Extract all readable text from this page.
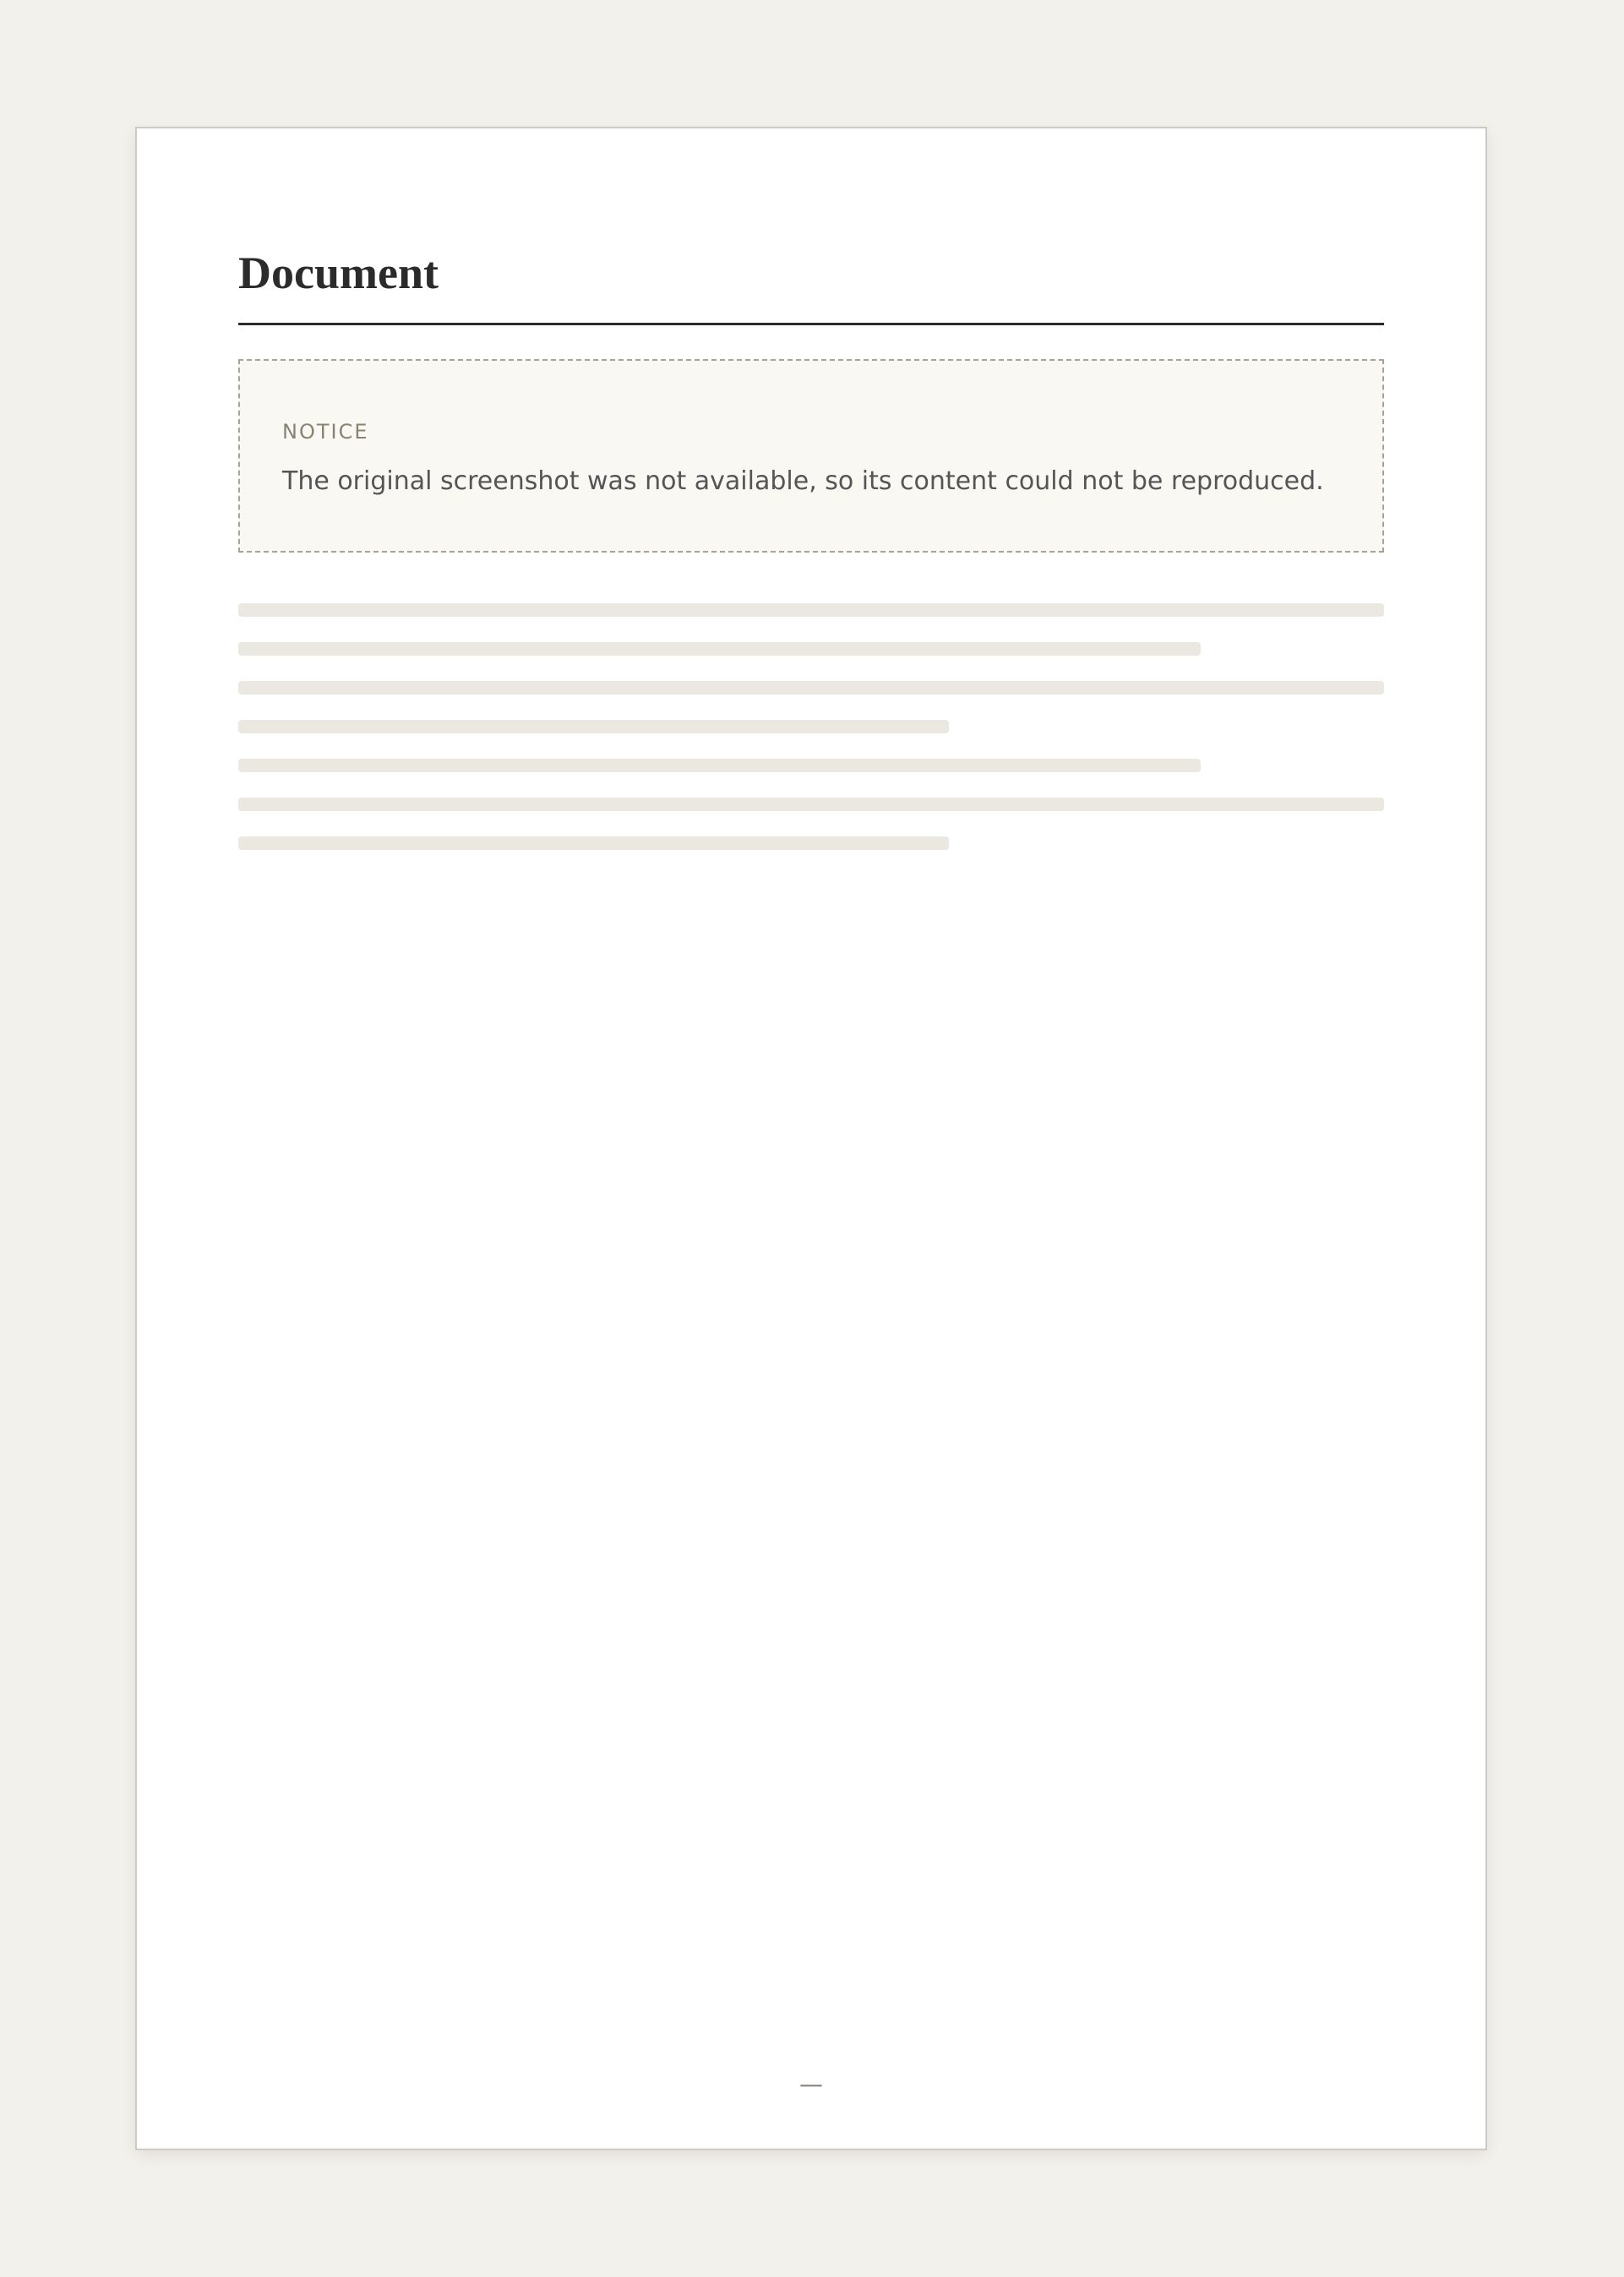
Document
NOTICE
The original screenshot was not available, so its content could not be reproduced.
—
